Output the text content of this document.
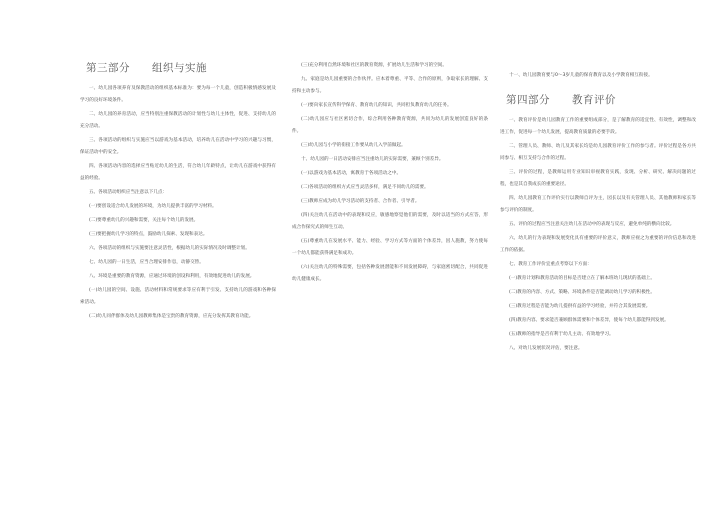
第三部分 组织与实施

一、幼儿园各项养育及保教活动的组织基本标准为：要为每一个儿童，创造积极情感发展及学习的良好环境条件。

二、幼儿园的养育活动，应当特别注重保教活动的计划性与幼儿主体性，促进、支持幼儿的充分活动。

三、各项活动的组织与实施应当以游戏为基本活动，培养幼儿在活动中学习的兴趣与习惯，保证活动中的安全。

四、各项活动内容的选择应当贴近幼儿的生活，符合幼儿年龄特点，让幼儿在游戏中获得有益的经验。

五、各项活动组织应当注意以下几点：

(一)要创设适合幼儿发展的环境，为幼儿提供丰富的学习材料。

(二)要尊重幼儿的兴趣和需要，关注每个幼儿的发展。

(三)要把握幼儿学习的特点，鼓励幼儿探索、发现和表达。

六、各项活动的组织与实施要注意灵活性，根据幼儿的实际情况及时调整计划。

七、幼儿园的一日生活，应当合理安排作息，动静交替。

八、环境是重要的教育资源，应通过环境的创设和利用，有效地促进幼儿的发展。

(一)幼儿园的空间、设施、活动材料和常规要求等应有利于引发、支持幼儿的游戏和各种探索活动。

(二)幼儿同伴群体及幼儿园教师集体是宝贵的教育资源，应充分发挥其教育功能。

(三)充分利用自然环境和社区的教育资源，扩展幼儿生活和学习的空间。

九、家庭是幼儿园重要的合作伙伴。应本着尊重、平等、合作的原则，争取家长的理解、支持和主动参与。

(一)要向家长宣传科学保育、教育幼儿的知识，共同担负教育幼儿的任务。

(二)幼儿园应与社区密切合作，综合利用各种教育资源，共同为幼儿的发展创造良好的条件。

(三)幼儿园与小学的衔接工作要从幼儿入学前做起。

十、幼儿园的一日活动安排应当注重幼儿的实际需要，兼顾个别差异。

(一)以游戏为基本活动，寓教育于各项活动之中。

(二)各项活动的组织方式应当灵活多样，满足不同幼儿的需要。

(三)教师应成为幼儿学习活动的支持者、合作者、引导者。

(四)关注幼儿在活动中的表现和反应，敏感地察觉他们的需要，及时以适当的方式应答，形成合作探究式的师生互动。

(五)尊重幼儿在发展水平、能力、经验、学习方式等方面的个体差异，因人施教，努力使每一个幼儿都能获得满足和成功。

(六)关注幼儿的特殊需要，包括各种发展潜能和不同发展障碍，与家庭密切配合，共同促进幼儿健康成长。

十一、幼儿园教育要与0～3岁儿童的保育教育以及小学教育相互衔接。

第四部分 教育评价

一、教育评价是幼儿园教育工作的重要组成部分，是了解教育的适宜性、有效性，调整和改进工作，促进每一个幼儿发展，提高教育质量的必要手段。

二、管理人员、教师、幼儿及其家长均是幼儿园教育评价工作的参与者。评价过程是各方共同参与、相互支持与合作的过程。

三、评价的过程，是教师运用专业知识审视教育实践，发现、分析、研究、解决问题的过程，也是其自我成长的重要途径。

四、幼儿园教育工作评价实行以教师自评为主，园长以及有关管理人员、其他教师和家长等参与评价的制度。

五、评价的过程应当注意关注幼儿在活动中的表现与反应，避免单纯的横向比较。

六、幼儿的行为表现和发展变化具有重要的评价意义，教师应视之为重要的评价信息和改进工作的依据。

七、教育工作评价宜重点考察以下方面：

(一)教育计划和教育活动的目标是否建立在了解本班幼儿现状的基础上。

(二)教育的内容、方式、策略、环境条件是否能调动幼儿学习的积极性。

(三)教育过程是否能为幼儿提供有益的学习经验，并符合其发展需要。

(四)教育内容、要求能否兼顾群体需要和个体差异，使每个幼儿都能得到发展。

(五)教师的指导是否有利于幼儿主动、有效地学习。

八、对幼儿发展状况评估，要注意。
